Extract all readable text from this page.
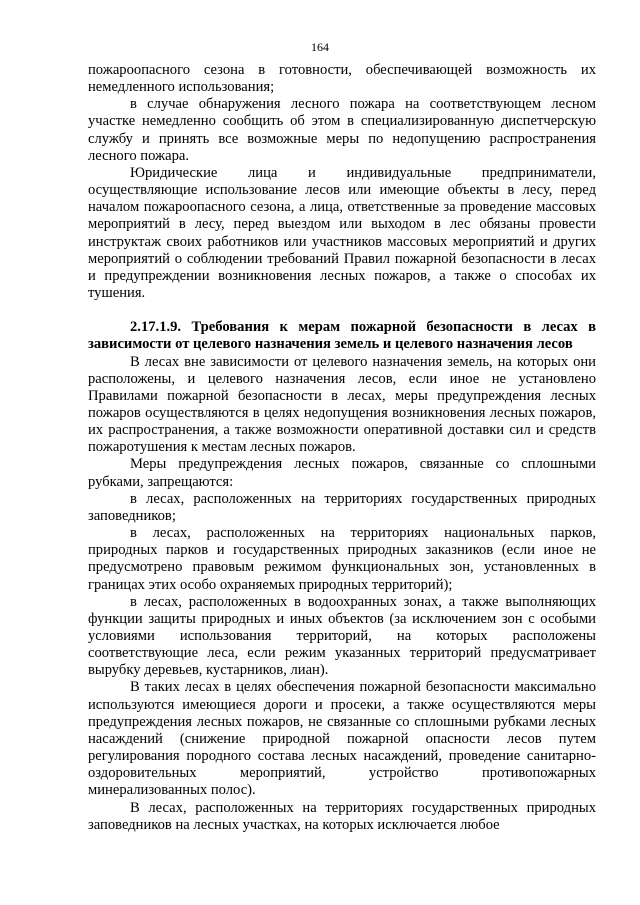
164

пожароопасного сезона в готовности, обеспечивающей возможность их немедленного использования;

в случае обнаружения лесного пожара на соответствующем лесном участке немедленно сообщить об этом в специализированную диспетчерскую службу и принять все возможные меры по недопущению распространения лесного пожара.

Юридические лица и индивидуальные предприниматели, осуществляющие использование лесов или имеющие объекты в лесу, перед началом пожароопасного сезона, а лица, ответственные за проведение массовых мероприятий в лесу, перед выездом или выходом в лес обязаны провести инструктаж своих работников или участников массовых мероприятий и других мероприятий о соблюдении требований Правил пожарной безопасности в лесах и предупреждении возникновения лесных пожаров, а также о способах их тушения.

2.17.1.9. Требования к мерам пожарной безопасности в лесах в зависимости от целевого назначения земель и целевого назначения лесов

В лесах вне зависимости от целевого назначения земель, на которых они расположены, и целевого назначения лесов, если иное не установлено Правилами пожарной безопасности в лесах, меры предупреждения лесных пожаров осуществляются в целях недопущения возникновения лесных пожаров, их распространения, а также возможности оперативной доставки сил и средств пожаротушения к местам лесных пожаров.

Меры предупреждения лесных пожаров, связанные со сплошными рубками, запрещаются:

в лесах, расположенных на территориях государственных природных заповедников;

в лесах, расположенных на территориях национальных парков, природных парков и государственных природных заказников (если иное не предусмотрено правовым режимом функциональных зон, установленных в границах этих особо охраняемых природных территорий);

в лесах, расположенных в водоохранных зонах, а также выполняющих функции защиты природных и иных объектов (за исключением зон с особыми условиями использования территорий, на которых расположены соответствующие леса, если режим указанных территорий предусматривает вырубку деревьев, кустарников, лиан).

В таких лесах в целях обеспечения пожарной безопасности максимально используются имеющиеся дороги и просеки, а также осуществляются меры предупреждения лесных пожаров, не связанные со сплошными рубками лесных насаждений (снижение природной пожарной опасности лесов путем регулирования породного состава лесных насаждений, проведение санитарно-оздоровительных мероприятий, устройство противопожарных минерализованных полос).

В лесах, расположенных на территориях государственных природных заповедников на лесных участках, на которых исключается любое
